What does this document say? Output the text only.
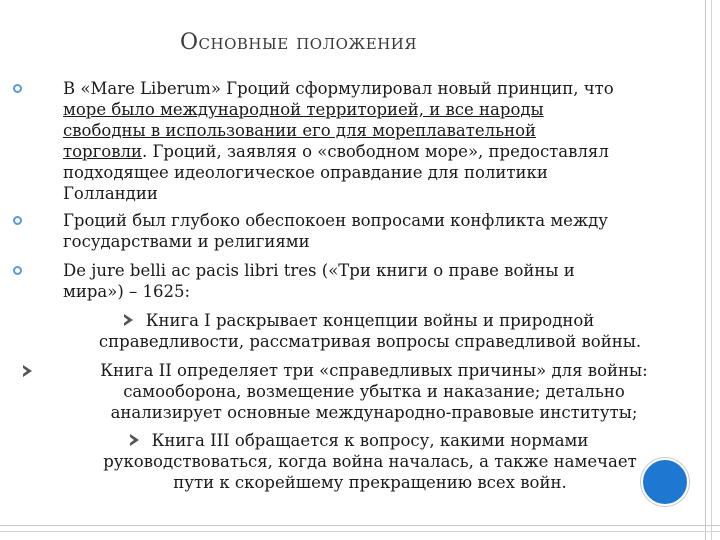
Основные положения
В «Mare Liberum» Гроций сформулировал новый принцип, что
море было международной территорией, и все народы
свободны в использовании его для мореплавательной
торговли. Гроций, заявляя о «свободном море», предоставлял
подходящее идеологическое оправдание для политики
Голландии
Гроций был глубоко обеспокоен вопросами конфликта между
государствами и религиями
De jure belli ac pacis libri tres («Три книги о праве войны и
мира») – 1625:
Книга I раскрывает концепции войны и природной
справедливости, рассматривая вопросы справедливой войны.
Книга II определяет три «справедливых причины» для войны:
самооборона, возмещение убытка и наказание; детально
анализирует основные международно-правовые институты;
Книга III обращается к вопросу, какими нормами
руководствоваться, когда война началась, а также намечает
пути к скорейшему прекращению всех войн.
